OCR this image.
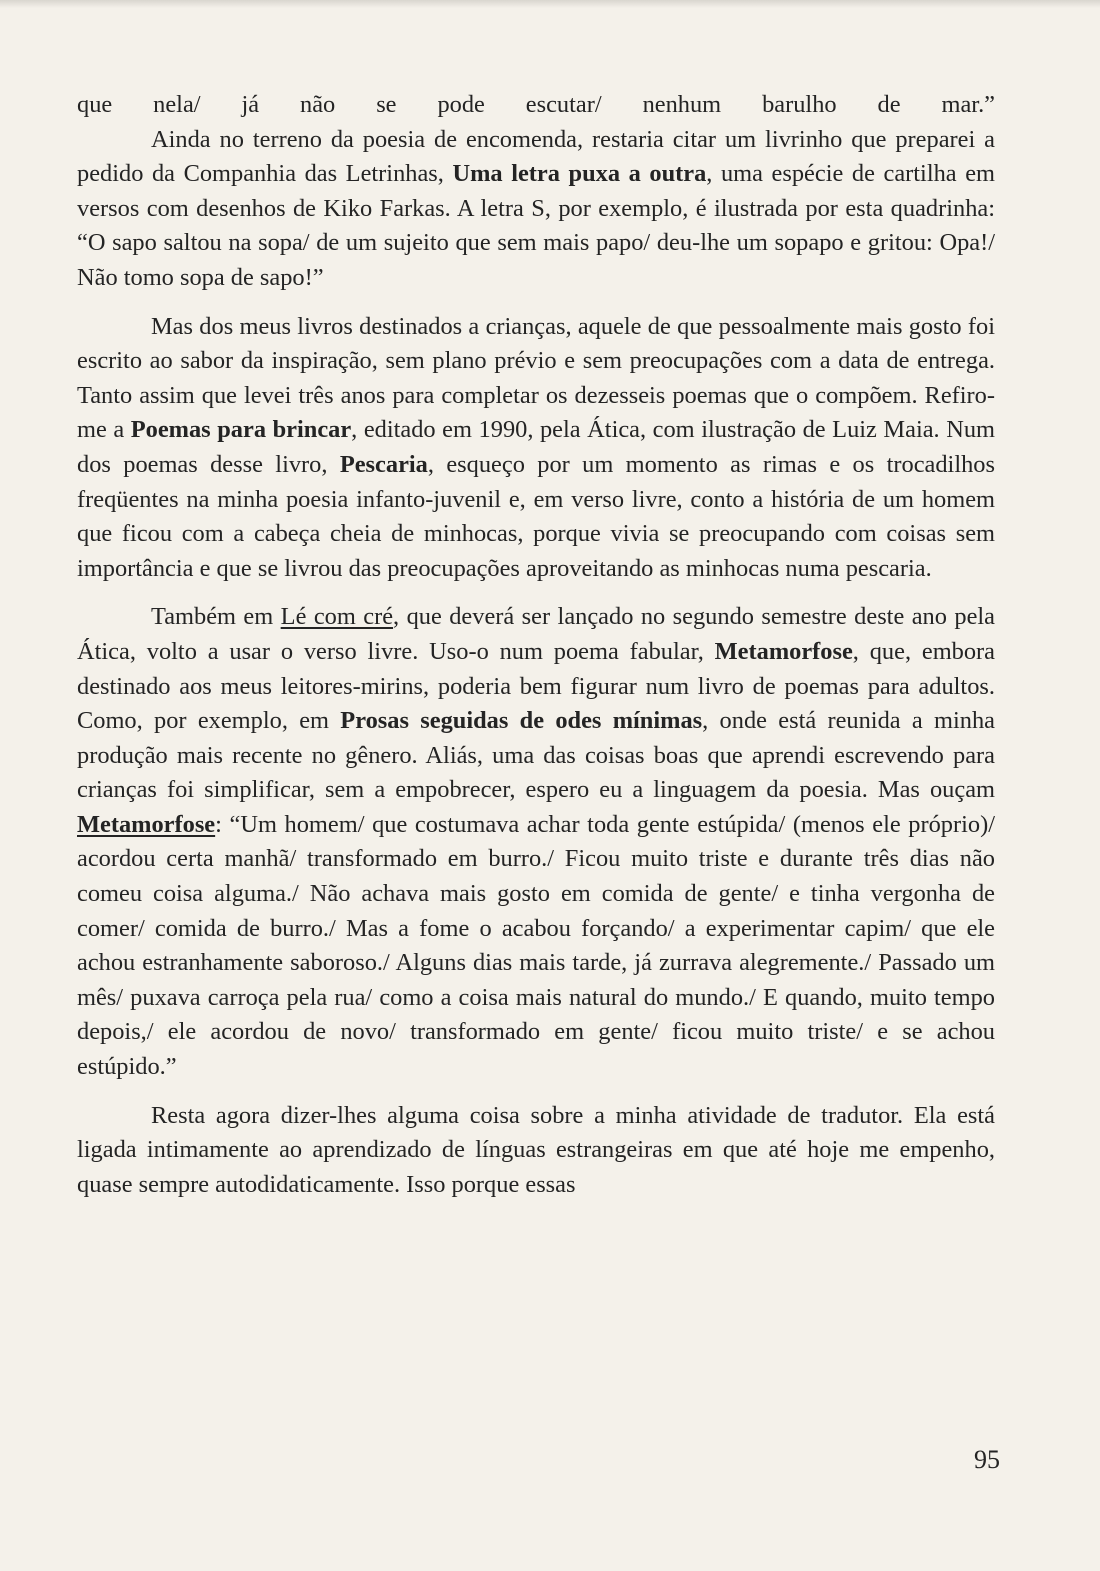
que nela/ já não se pode escutar/ nenhum barulho de mar.”

Ainda no terreno da poesia de encomenda, restaria citar um livrinho que preparei a pedido da Companhia das Letrinhas, Uma letra puxa a outra, uma espécie de cartilha em versos com desenhos de Kiko Farkas. A letra S, por exemplo, é ilustrada por esta quadrinha: “O sapo saltou na sopa/ de um sujeito que sem mais papo/ deu-lhe um sopapo e gritou: Opa!/ Não tomo sopa de sapo!”

Mas dos meus livros destinados a crianças, aquele de que pessoalmente mais gosto foi escrito ao sabor da inspiração, sem plano prévio e sem preocupações com a data de entrega. Tanto assim que levei três anos para completar os dezesseis poemas que o compõem. Refiro-me a Poemas para brincar, editado em 1990, pela Ática, com ilustração de Luiz Maia. Num dos poemas desse livro, Pescaria, esqueço por um momento as rimas e os trocadilhos freqüentes na minha poesia infanto-juvenil e, em verso livre, conto a história de um homem que ficou com a cabeça cheia de minhocas, porque vivia se preocupando com coisas sem importância e que se livrou das preocupações aproveitando as minhocas numa pescaria.

Também em Lé com cré, que deverá ser lançado no segundo semestre deste ano pela Ática, volto a usar o verso livre. Uso-o num poema fabular, Metamorfose, que, embora destinado aos meus leitores-mirins, poderia bem figurar num livro de poemas para adultos. Como, por exemplo, em Prosas seguidas de odes mínimas, onde está reunida a minha produção mais recente no gênero. Aliás, uma das coisas boas que aprendi escrevendo para crianças foi simplificar, sem a empobrecer, espero eu a linguagem da poesia. Mas ouçam Metamorfose: “Um homem/ que costumava achar toda gente estúpida/ (menos ele próprio)/ acordou certa manhã/ transformado em burro./ Ficou muito triste e durante três dias não comeu coisa alguma./ Não achava mais gosto em comida de gente/ e tinha vergonha de comer/ comida de burro./ Mas a fome o acabou forçando/ a experimentar capim/ que ele achou estranhamente saboroso./ Alguns dias mais tarde, já zurrava alegremente./ Passado um mês/ puxava carroça pela rua/ como a coisa mais natural do mundo./ E quando, muito tempo depois,/ ele acordou de novo/ transformado em gente/ ficou muito triste/ e se achou estúpido.”

Resta agora dizer-lhes alguma coisa sobre a minha atividade de tradutor. Ela está ligada intimamente ao aprendizado de línguas estrangeiras em que até hoje me empenho, quase sempre autodidaticamente. Isso porque essas

95
